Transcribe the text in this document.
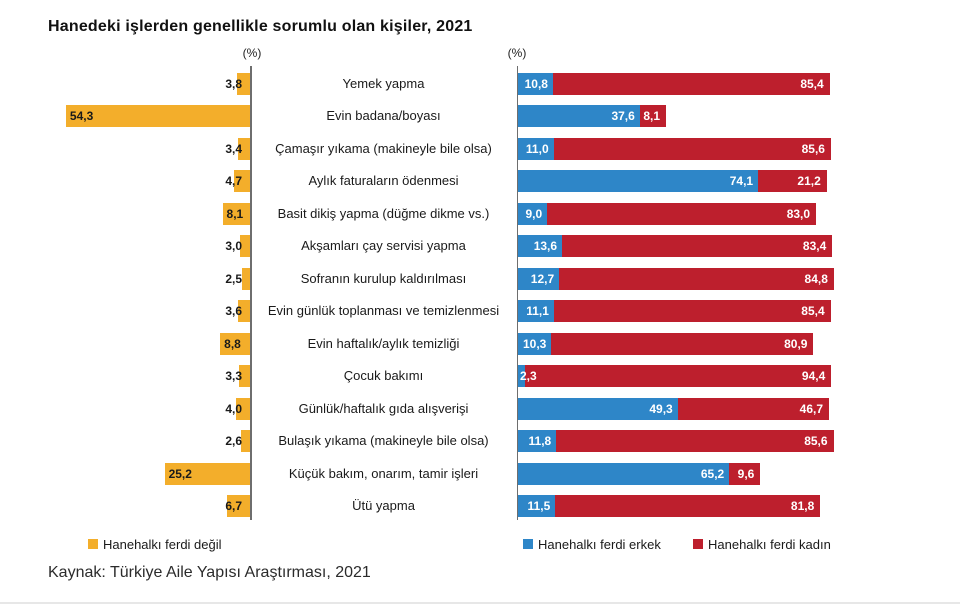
Hanedeki işlerden genellikle sorumlu olan kişiler, 2021
(%)	(%)
3,8	Yemek yapma	10,8	85,4
54,3	Evin badana/boyası	37,6 8,1
3,4	Çamaşır yıkama (makineyle bile olsa)	11,0	85,6
4,7	Aylık faturaların ödenmesi	74,1	21,2
8,1	Basit dikiş yapma (düğme dikme vs.)	9,0	83,0
3,0	Akşamları çay servisi yapma	13,6	83,4
2,5	Sofranın kurulup kaldırılması	12,7	84,8
3,6	Evin günlük toplanması ve temizlenmesi	11,1	85,4
8,8	Evin haftalık/aylık temizliği	10,3	80,9
3,3	Çocuk bakımı	2,3	94,4
4,0	Günlük/haftalık gıda alışverişi	49,3	46,7
2,6	Bulaşık yıkama (makineyle bile olsa)	11,8	85,6
25,2	Küçük bakım, onarım, tamir işleri	65,2	9,6
6,7	Ütü yapma	11,5	81,8
Hanehalkı ferdi değil	Hanehalkı ferdi erkek	Hanehalkı ferdi kadın
Kaynak: Türkiye Aile Yapısı Araştırması, 2021
